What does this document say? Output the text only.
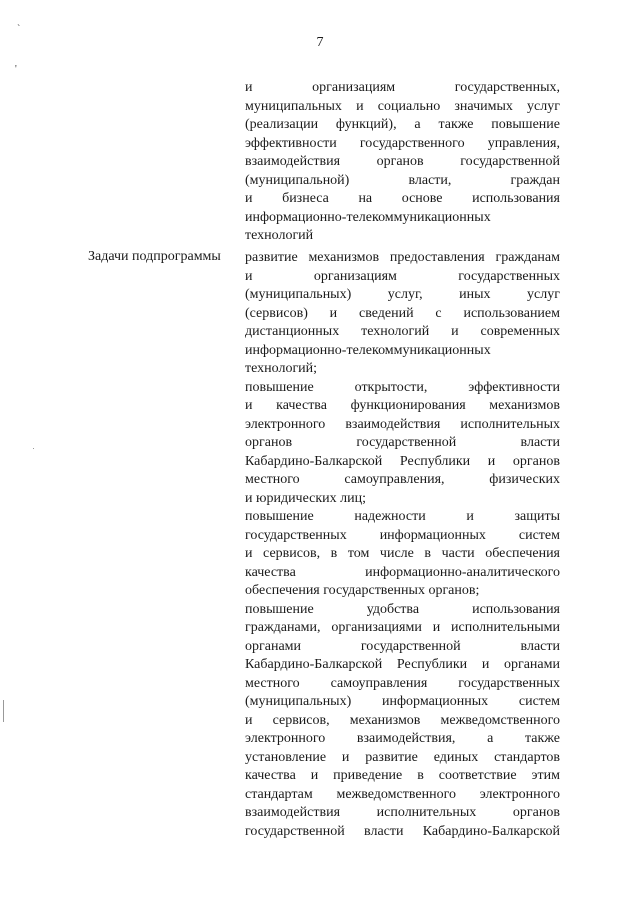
7
`
'
и организациям государственных,
муниципальных и социально значимых услуг
(реализации функций), а также повышение
эффективности государственного управления,
взаимодействия органов государственной
(муниципальной) власти, граждан
и бизнеса на основе использования
информационно-телекоммуникационных
технологий
Задачи подпрограммы развитие механизмов предоставления гражданам
и организациям государственных
(муниципальных) услуг, иных услуг
(сервисов) и сведений с использованием
дистанционных технологий и современных
информационно-телекоммуникационных
технологий;
повышение открытости, эффективности
и качества функционирования механизмов
электронного взаимодействия исполнительных
органов государственной власти
Кабардино-Балкарской Республики и органов
местного самоуправления, физических
и юридических лиц;
повышение надежности и защиты
государственных информационных систем
и сервисов, в том числе в части обеспечения
качества информационно-аналитического
обеспечения государственных органов;
повышение удобства использования
гражданами, организациями и исполнительными
органами государственной власти
Кабардино-Балкарской Республики и органами
местного самоуправления государственных
(муниципальных) информационных систем
и сервисов, механизмов межведомственного
электронного взаимодействия, а также
установление и развитие единых стандартов
качества и приведение в соответствие этим
стандартам межведомственного электронного
взаимодействия исполнительных органов
государственной власти Кабардино-Балкарской
